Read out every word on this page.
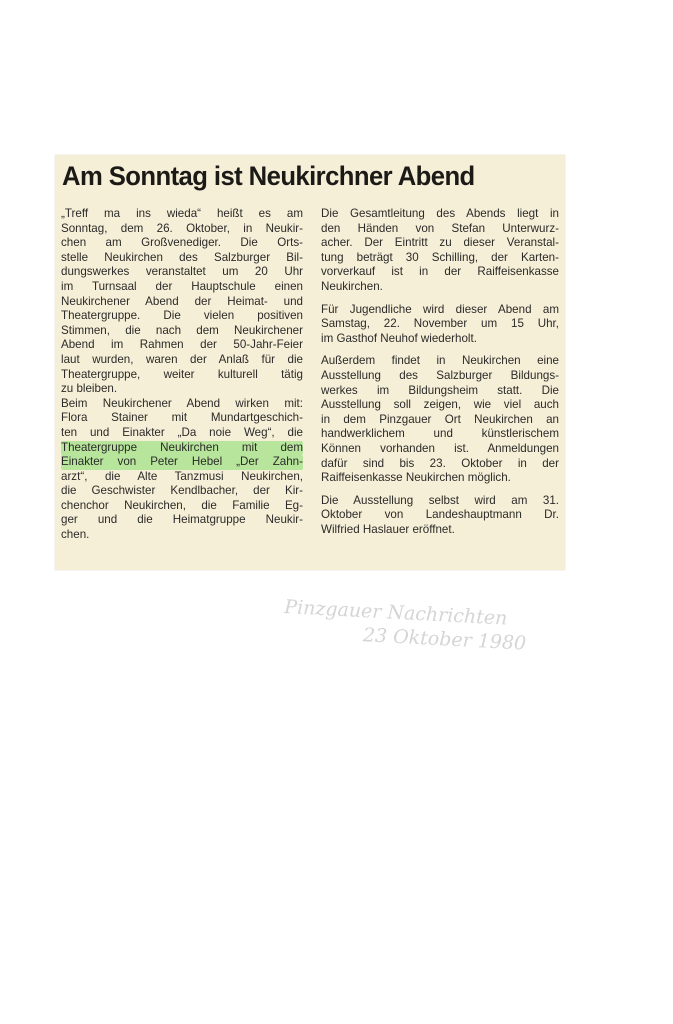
Am Sonntag ist Neukirchner Abend
„Treff ma ins wieda“ heißt es am
Sonntag, dem 26. Oktober, in Neukir-
chen am Großvenediger. Die Orts-
stelle Neukirchen des Salzburger Bil-
dungswerkes veranstaltet um 20 Uhr
im Turnsaal der Hauptschule einen
Neukirchener Abend der Heimat- und
Theatergruppe. Die vielen positiven
Stimmen, die nach dem Neukirchener
Abend im Rahmen der 50-Jahr-Feier
laut wurden, waren der Anlaß für die
Theatergruppe, weiter kulturell tätig
zu bleiben.
Beim Neukirchener Abend wirken mit:
Flora Stainer mit Mundartgeschich-
ten und Einakter „Da noie Weg“, die
Theatergruppe Neukirchen mit dem
Einakter von Peter Hebel „Der Zahn-
arzt“, die Alte Tanzmusi Neukirchen,
die Geschwister Kendlbacher, der Kir-
chenchor Neukirchen, die Familie Eg-
ger und die Heimatgruppe Neukir-
chen.
Die Gesamtleitung des Abends liegt in
den Händen von Stefan Unterwurz-
acher. Der Eintritt zu dieser Veranstal-
tung beträgt 30 Schilling, der Karten-
vorverkauf ist in der Raiffeisenkasse
Neukirchen.
Für Jugendliche wird dieser Abend am
Samstag, 22. November um 15 Uhr,
im Gasthof Neuhof wiederholt.
Außerdem findet in Neukirchen eine
Ausstellung des Salzburger Bildungs-
werkes im Bildungsheim statt. Die
Ausstellung soll zeigen, wie viel auch
in dem Pinzgauer Ort Neukirchen an
handwerklichem und künstlerischem
Können vorhanden ist. Anmeldungen
dafür sind bis 23. Oktober in der
Raiffeisenkasse Neukirchen möglich.
Die Ausstellung selbst wird am 31.
Oktober von Landeshauptmann Dr.
Wilfried Haslauer eröffnet.
Pinzgauer Nachrichten
23 Oktober 1980
